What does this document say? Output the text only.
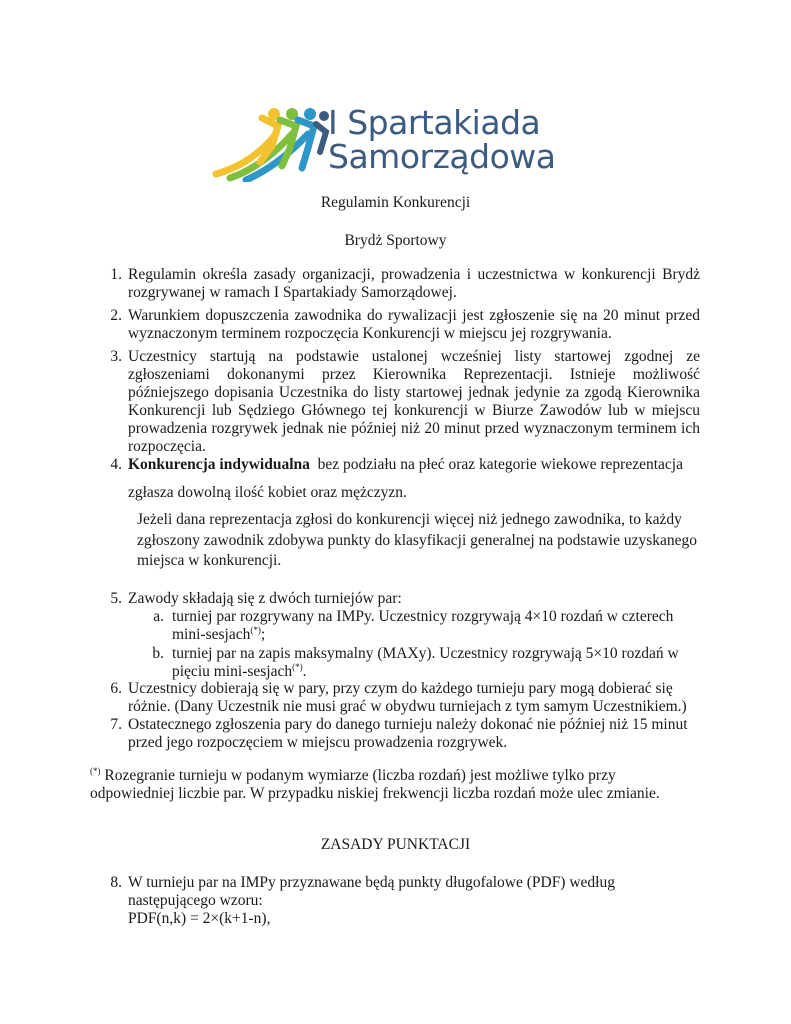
I Spartakiada
Samorządowa
Regulamin Konkurencji
Brydż Sportowy
1. Regulamin określa zasady organizacji, prowadzenia i uczestnictwa w konkurencji Brydż rozgrywanej w ramach I Spartakiady Samorządowej.
2. Warunkiem dopuszczenia zawodnika do rywalizacji jest zgłoszenie się na 20 minut przed wyznaczonym terminem rozpoczęcia Konkurencji w miejscu jej rozgrywania.
3. Uczestnicy startują na podstawie ustalonej wcześniej listy startowej zgodnej ze zgłoszeniami dokonanymi przez Kierownika Reprezentacji. Istnieje możliwość późniejszego dopisania Uczestnika do listy startowej jednak jedynie za zgodą Kierownika Konkurencji lub Sędziego Głównego tej konkurencji w Biurze Zawodów lub w miejscu prowadzenia rozgrywek jednak nie później niż 20 minut przed wyznaczonym terminem ich rozpoczęcia.
4. Konkurencja indywidualna  bez podziału na płeć oraz kategorie wiekowe reprezentacja
zgłasza dowolną ilość kobiet oraz mężczyzn.
Jeżeli dana reprezentacja zgłosi do konkurencji więcej niż jednego zawodnika, to każdy zgłoszony zawodnik zdobywa punkty do klasyfikacji generalnej na podstawie uzyskanego miejsca w konkurencji.
5. Zawody składają się z dwóch turniejów par:
a. turniej par rozgrywany na IMPy. Uczestnicy rozgrywają 4×10 rozdań w czterech mini-sesjach(*);
b. turniej par na zapis maksymalny (MAXy). Uczestnicy rozgrywają 5×10 rozdań w pięciu mini-sesjach(*).
6. Uczestnicy dobierają się w pary, przy czym do każdego turnieju pary mogą dobierać się różnie. (Dany Uczestnik nie musi grać w obydwu turniejach z tym samym Uczestnikiem.)
7. Ostatecznego zgłoszenia pary do danego turnieju należy dokonać nie później niż 15 minut przed jego rozpoczęciem w miejscu prowadzenia rozgrywek.
(*) Rozegranie turnieju w podanym wymiarze (liczba rozdań) jest możliwe tylko przy odpowiedniej liczbie par. W przypadku niskiej frekwencji liczba rozdań może ulec zmianie.
ZASADY PUNKTACJI
8. W turnieju par na IMPy przyznawane będą punkty długofalowe (PDF) według następującego wzoru:
PDF(n,k) = 2×(k+1-n),
